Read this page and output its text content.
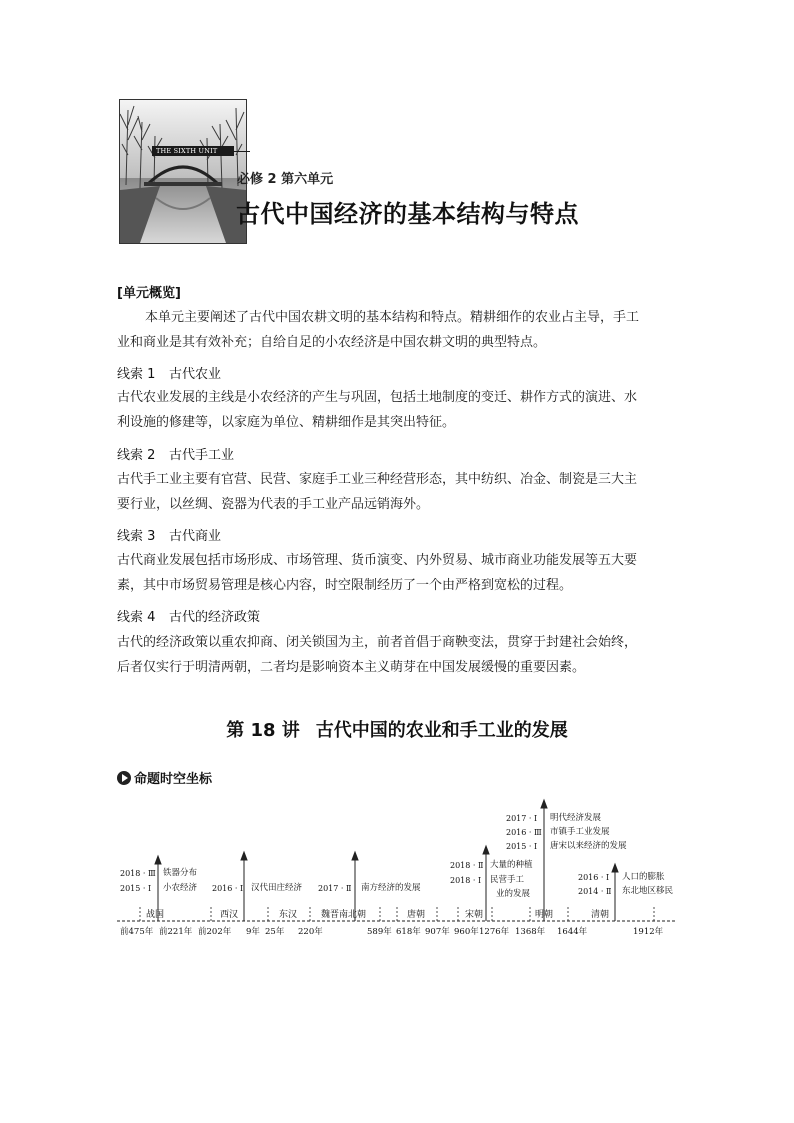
THE SIXTH UNIT
必修 2 第六单元
古代中国经济的基本结构与特点
[单元概览]
本单元主要阐述了古代中国农耕文明的基本结构和特点。精耕细作的农业占主导，手工
业和商业是其有效补充；自给自足的小农经济是中国农耕文明的典型特点。
线索 1 古代农业
古代农业发展的主线是小农经济的产生与巩固，包括土地制度的变迁、耕作方式的演进、水
利设施的修建等，以家庭为单位、精耕细作是其突出特征。
线索 2 古代手工业
古代手工业主要有官营、民营、家庭手工业三种经营形态，其中纺织、冶金、制瓷是三大主
要行业，以丝绸、瓷器为代表的手工业产品远销海外。
线索 3 古代商业
古代商业发展包括市场形成、市场管理、货币演变、内外贸易、城市商业功能发展等五大要
素，其中市场贸易管理是核心内容，时空限制经历了一个由严格到宽松的过程。
线索 4 古代的经济政策
古代的经济政策以重农抑商、闭关锁国为主，前者首倡于商鞅变法，贯穿于封建社会始终，
后者仅实行于明清两朝，二者均是影响资本主义萌芽在中国发展缓慢的重要因素。
第 18 讲 古代中国的农业和手工业的发展
命题时空坐标
2018 · Ⅲ
2015 · Ⅰ	2016 · Ⅰ	2017 · Ⅱ
2018 · Ⅱ
2018 · Ⅰ
2017 · Ⅰ
2016 · Ⅲ
2015 · Ⅰ
2016 · Ⅰ
2014 · Ⅱ
铁器分布
小农经济	汉代田庄经济	南方经济的发展
大量的种植
民营手工
业的发展
明代经济发展
市镇手工业发展
唐宋以来经济的发展
人口的膨胀
东北地区移民
战国	西汉	东汉	魏晋南北朝	唐朝	宋朝	明朝	清朝
前475年 前221年 前202年 9年 25年 220年	589年 618年 907年 960年 1276年 1368年 1644年	1912年
